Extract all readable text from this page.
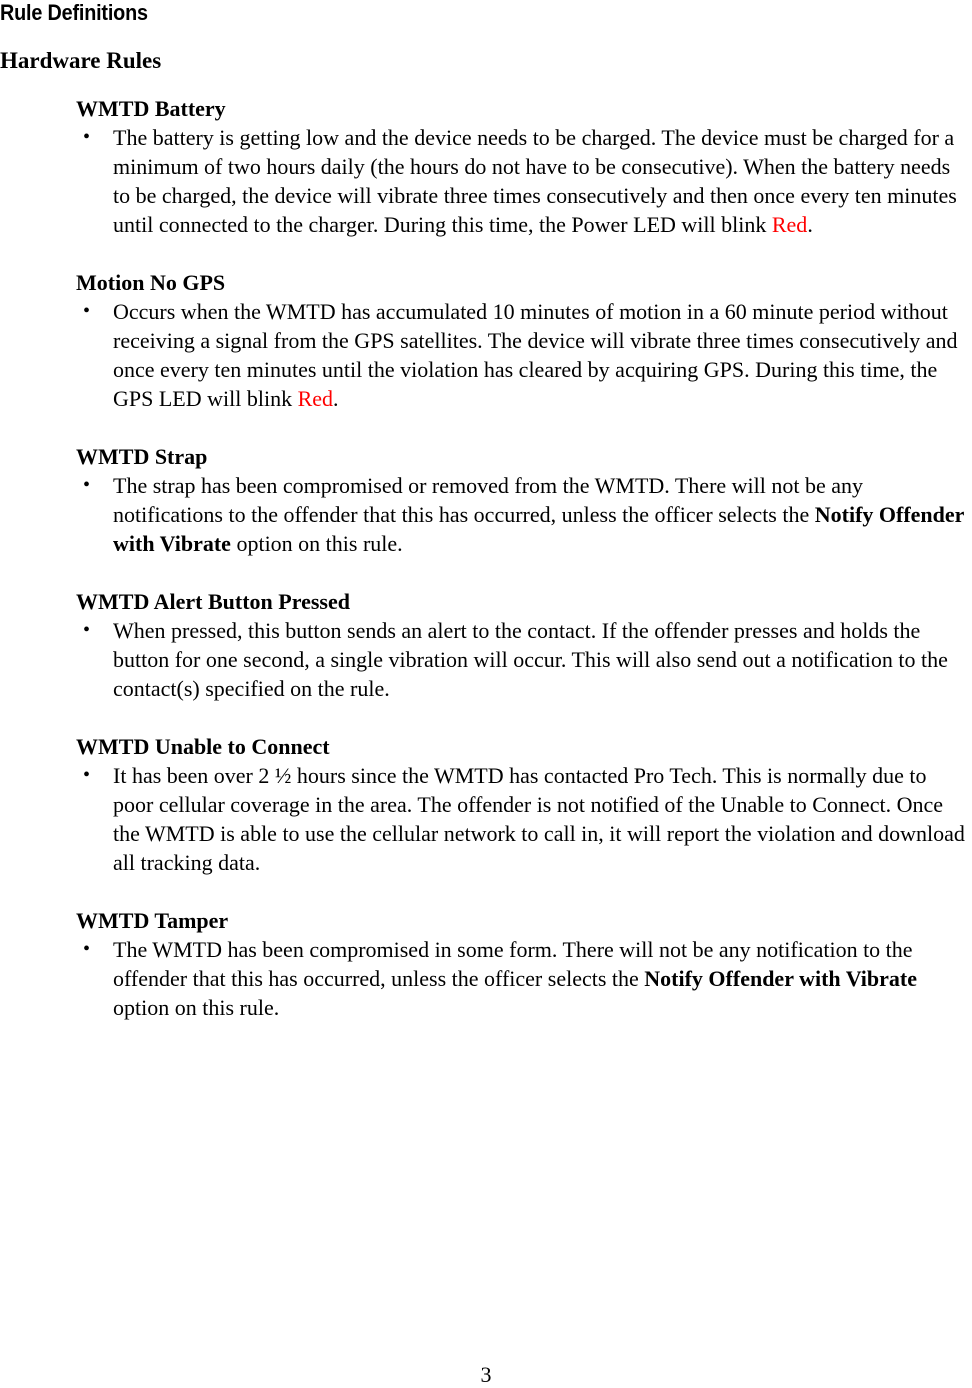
Rule Definitions
Hardware Rules
WMTD Battery

• The battery is getting low and the device needs to be charged. The device must be charged for a minimum of two hours daily (the hours do not have to be consecutive). When the battery needs to be charged, the device will vibrate three times consecutively and then once every ten minutes until connected to the charger. During this time, the Power LED will blink Red.

Motion No GPS

• Occurs when the WMTD has accumulated 10 minutes of motion in a 60 minute period without receiving a signal from the GPS satellites. The device will vibrate three times consecutively and once every ten minutes until the violation has cleared by acquiring GPS. During this time, the GPS LED will blink Red.

WMTD Strap

• The strap has been compromised or removed from the WMTD. There will not be any notifications to the offender that this has occurred, unless the officer selects the Notify Offender with Vibrate option on this rule.

WMTD Alert Button Pressed

• When pressed, this button sends an alert to the contact. If the offender presses and holds the button for one second, a single vibration will occur. This will also send out a notification to the contact(s) specified on the rule.

WMTD Unable to Connect

• It has been over 2 ½ hours since the WMTD has contacted Pro Tech. This is normally due to poor cellular coverage in the area. The offender is not notified of the Unable to Connect. Once the WMTD is able to use the cellular network to call in, it will report the violation and download all tracking data.

WMTD Tamper

• The WMTD has been compromised in some form. There will not be any notification to the offender that this has occurred, unless the officer selects the Notify Offender with Vibrate option on this rule.

3
